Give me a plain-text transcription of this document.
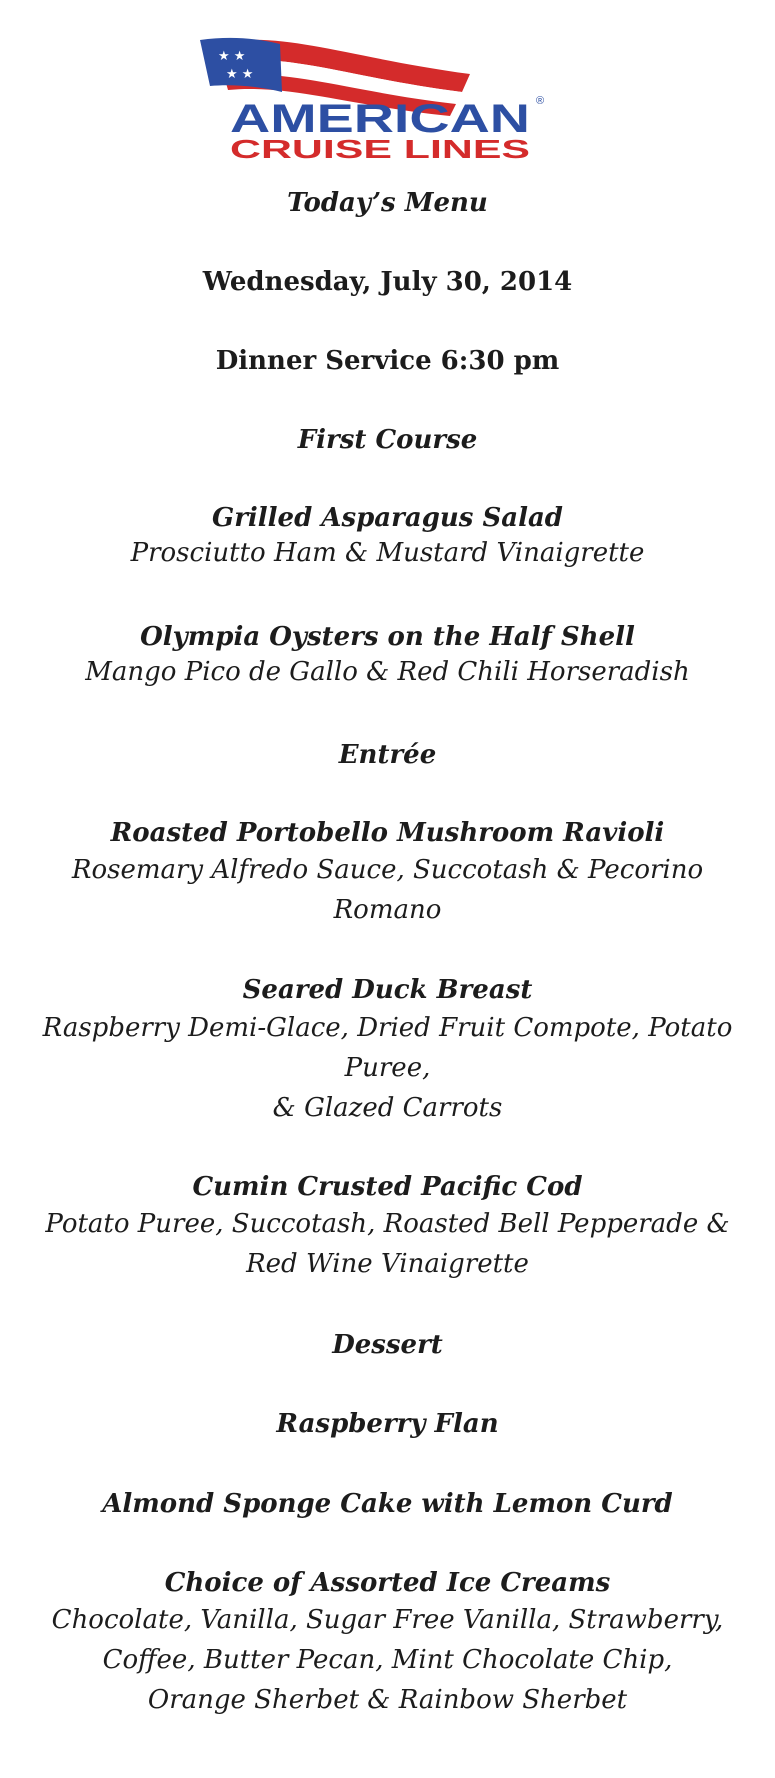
★ ★
★ ★
AMERICAN ®
CRUISE LINES
Today’s Menu
Wednesday, July 30, 2014
Dinner Service 6:30 pm
First Course
Grilled Asparagus Salad
Prosciutto Ham & Mustard Vinaigrette
Olympia Oysters on the Half Shell
Mango Pico de Gallo & Red Chili Horseradish
Entrée
Roasted Portobello Mushroom Ravioli
Rosemary Alfredo Sauce, Succotash & Pecorino
Romano
Seared Duck Breast
Raspberry Demi-Glace, Dried Fruit Compote, Potato
Puree,
& Glazed Carrots
Cumin Crusted Pacific Cod
Potato Puree, Succotash, Roasted Bell Pepperade &
Red Wine Vinaigrette
Dessert
Raspberry Flan
Almond Sponge Cake with Lemon Curd
Choice of Assorted Ice Creams
Chocolate, Vanilla, Sugar Free Vanilla, Strawberry,
Coffee, Butter Pecan, Mint Chocolate Chip,
Orange Sherbet & Rainbow Sherbet
